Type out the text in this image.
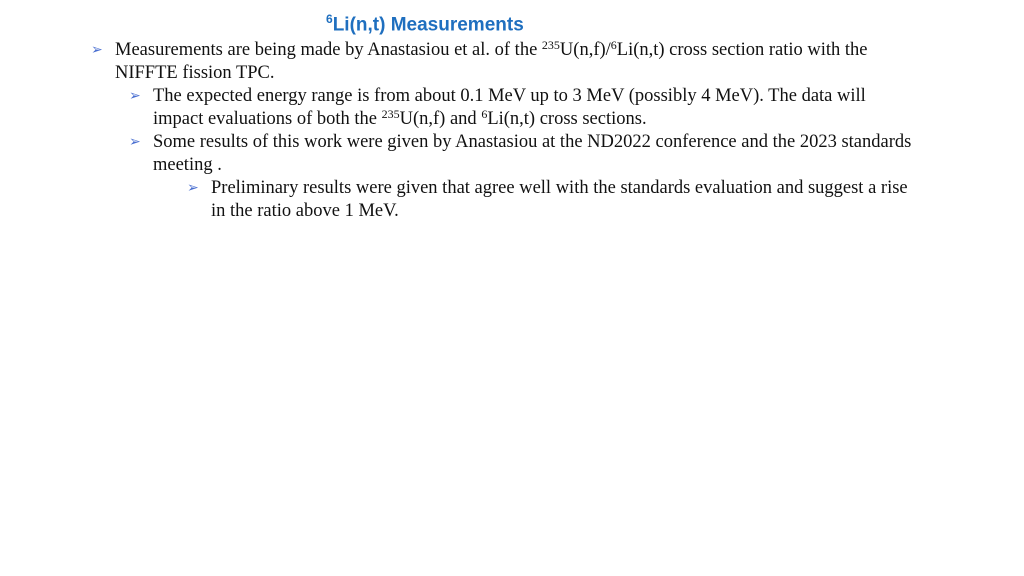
$^6$Li(n,t) Measurements
➢ Measurements are being made by Anastasiou et al. of the $^{235}$U(n,f)/$^6$Li(n,t) cross section ratio with the NIFFTE fission TPC.
➢ The expected energy range is from about 0.1 MeV up to 3 MeV (possibly 4 MeV). The data will impact evaluations of both the $^{235}$U(n,f) and $^6$Li(n,t) cross sections.
➢ Some results of this work were given by Anastasiou at the ND2022 conference and the 2023 standards meeting .
➢ Preliminary results were given that agree well with the standards evaluation and suggest a rise in the ratio above 1 MeV.
